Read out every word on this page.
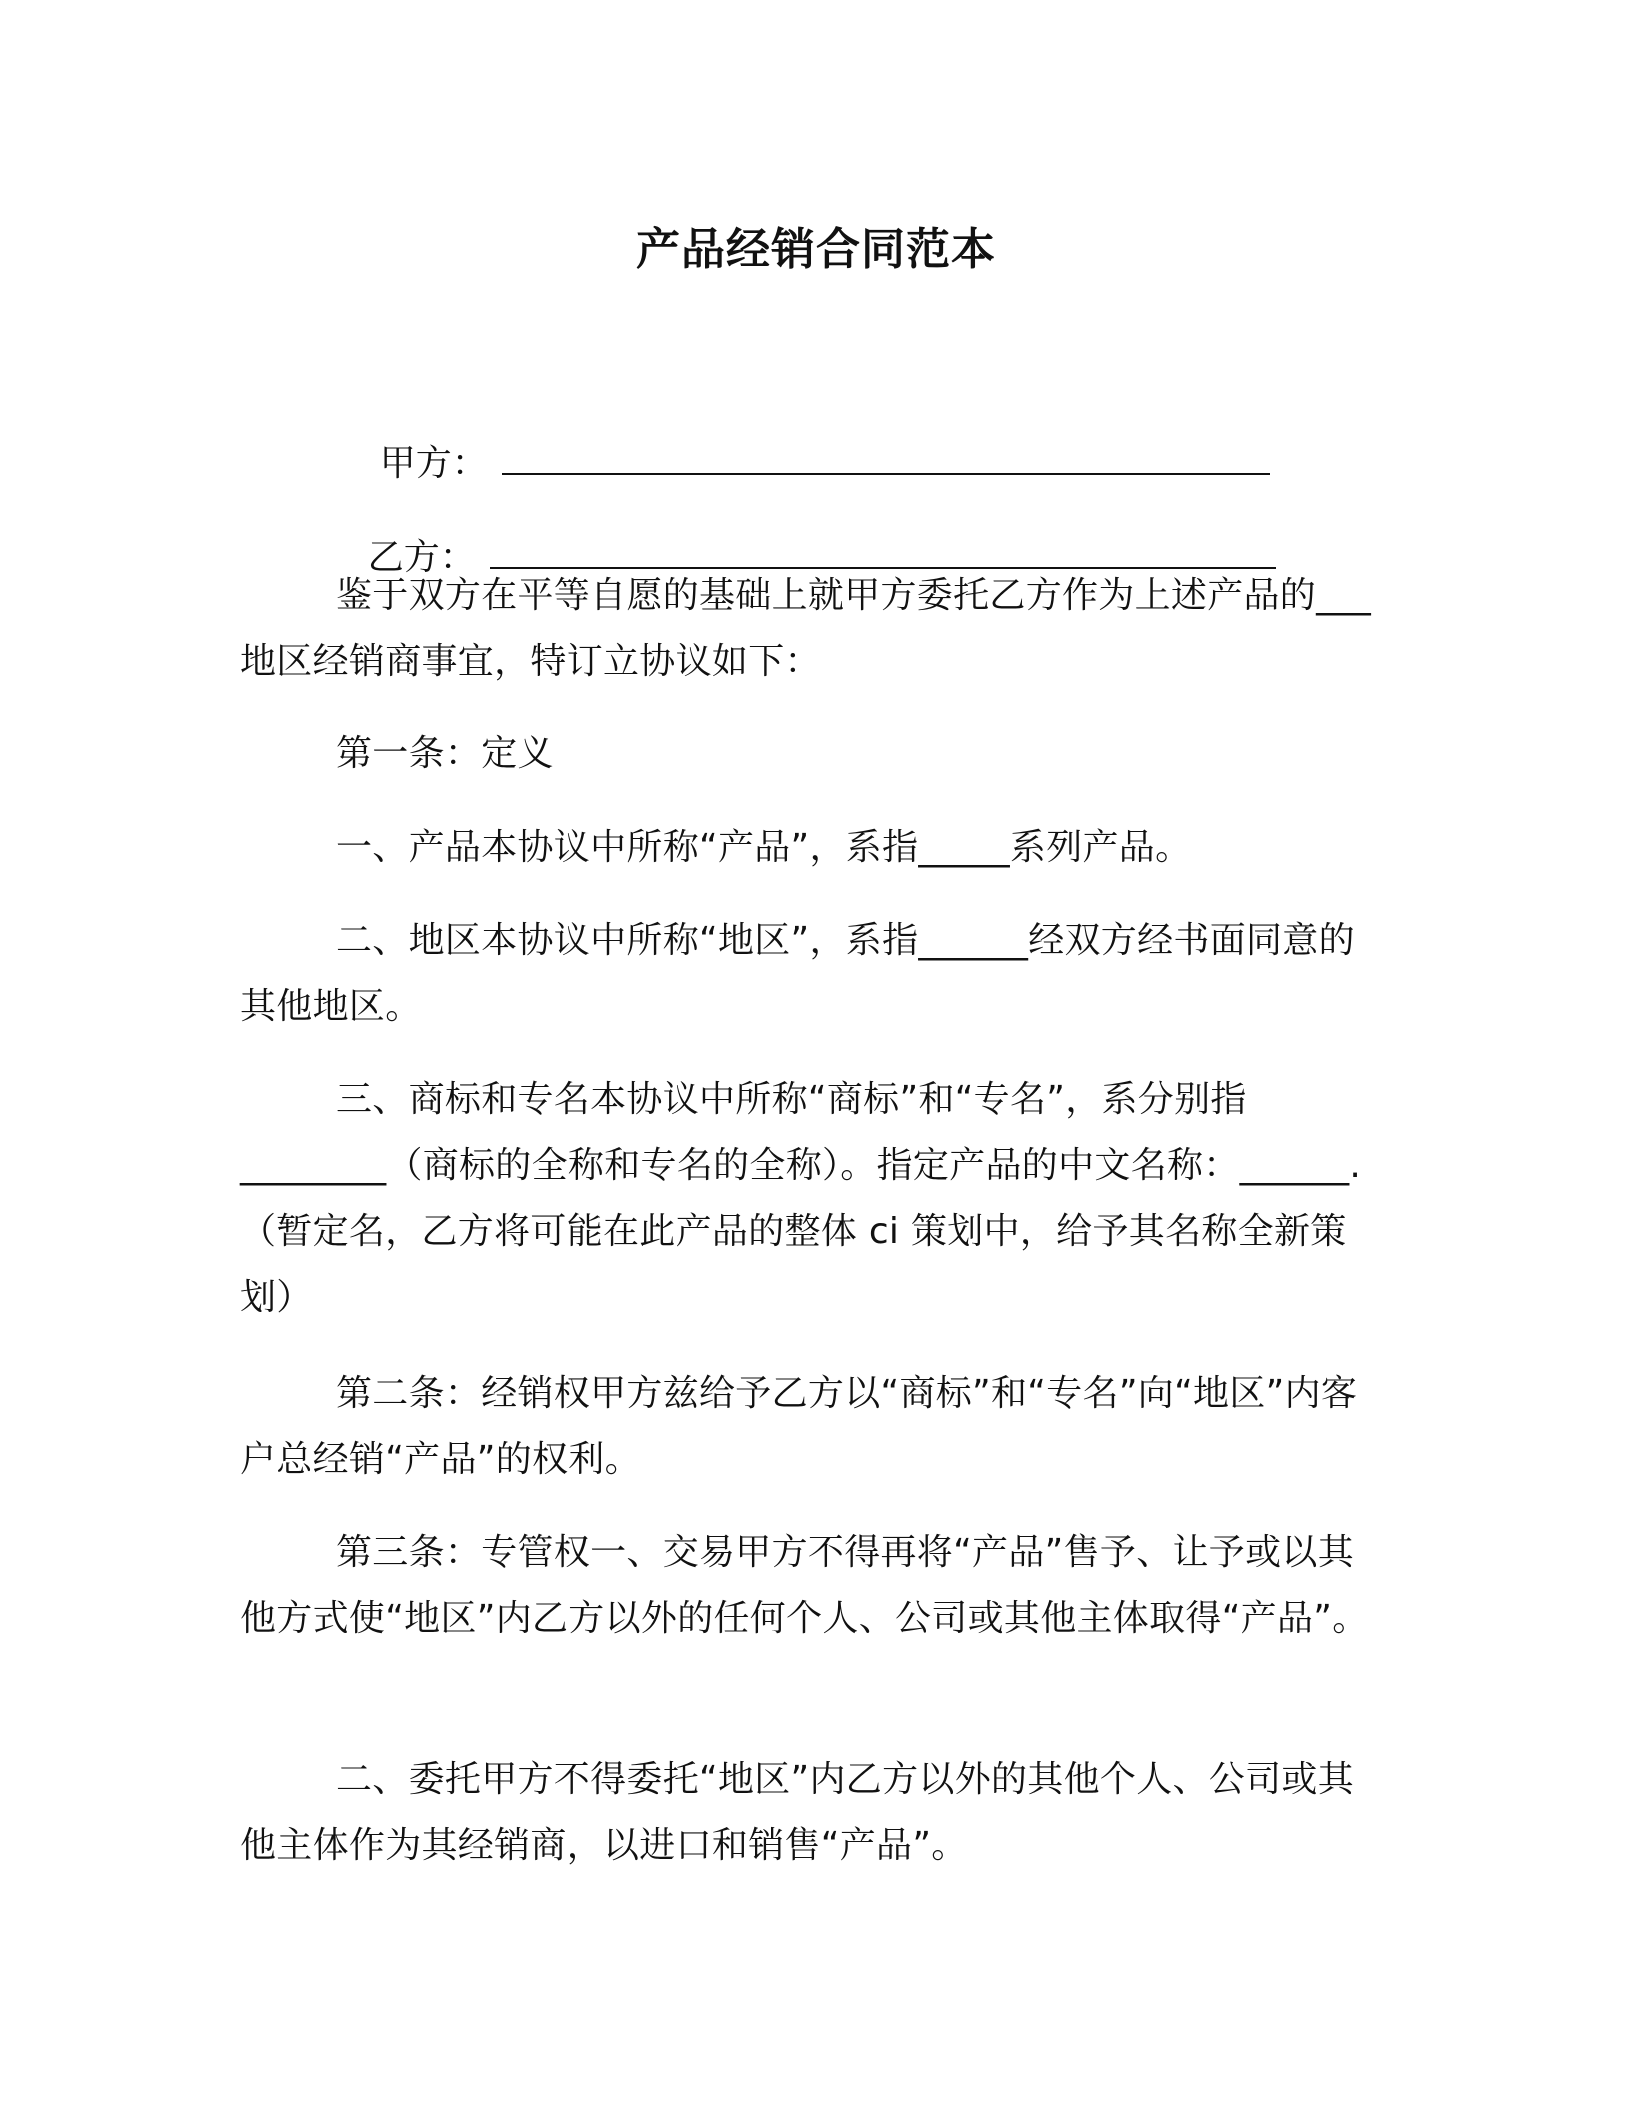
产品经销合同范本

甲方：

乙方：

鉴于双方在平等自愿的基础上就甲方委托乙方作为上述产品的___地区经销商事宜，特订立协议如下：
第一条：定义
一、产品本协议中所称“产品”，系指_____系列产品。
二、地区本协议中所称“地区”，系指______经双方经书面同意的其他地区。
三、商标和专名本协议中所称“商标”和“专名”，系分别指________（商标的全称和专名的全称）。指定产品的中文名称：______.（暂定名，乙方将可能在此产品的整体 ci 策划中，给予其名称全新策划）
第二条：经销权甲方兹给予乙方以“商标”和“专名”向“地区”内客户总经销“产品”的权利。
第三条：专管权一、交易甲方不得再将“产品”售予、让予或以其他方式使“地区”内乙方以外的任何个人、公司或其他主体取得“产品”。
二、委托甲方不得委托“地区”内乙方以外的其他个人、公司或其他主体作为其经销商，以进口和销售“产品”。
